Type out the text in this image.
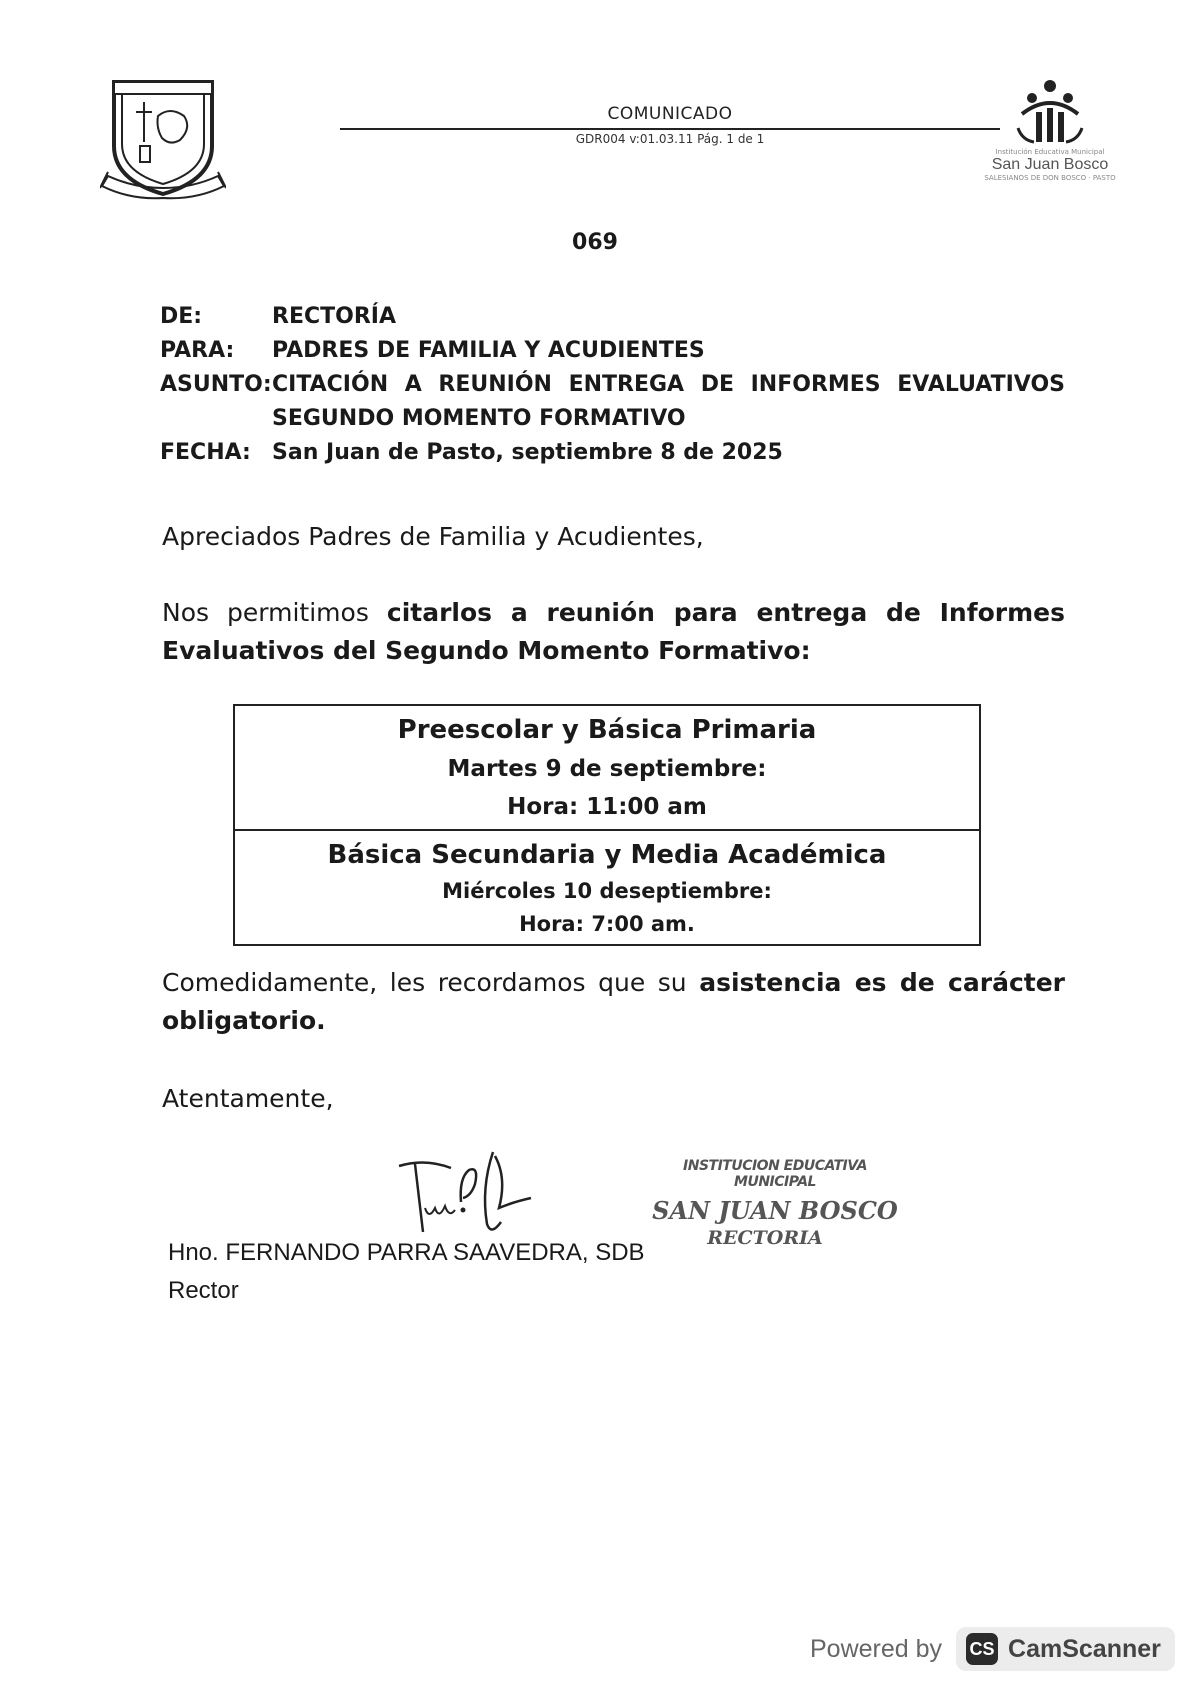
COMUNICADO
GDR004 v:01.03.11 Pág. 1 de 1
Institución Educativa Municipal
San Juan Bosco
SALESIANOS DE DON BOSCO · PASTO
069
DE:	RECTORÍA
PARA:	PADRES DE FAMILIA Y ACUDIENTES
ASUNTO: CITACIÓN A REUNIÓN ENTREGA DE INFORMES EVALUATIVOS SEGUNDO MOMENTO FORMATIVO
FECHA: San Juan de Pasto, septiembre 8 de 2025
Apreciados Padres de Familia y Acudientes,
Nos permitimos citarlos a reunión para entrega de Informes Evaluativos del Segundo Momento Formativo:
Preescolar y Básica Primaria
Martes 9 de septiembre:
Hora: 11:00 am
Básica Secundaria y Media Académica
Miércoles 10 deseptiembre:
Hora: 7:00 am.
Comedidamente, les recordamos que su asistencia es de carácter obligatorio.
Atentamente,
INSTITUCION EDUCATIVA MUNICIPAL
SAN JUAN BOSCO
RECTORIA
Hno. FERNANDO PARRA SAAVEDRA, SDB
Rector
Powered by CS CamScanner
